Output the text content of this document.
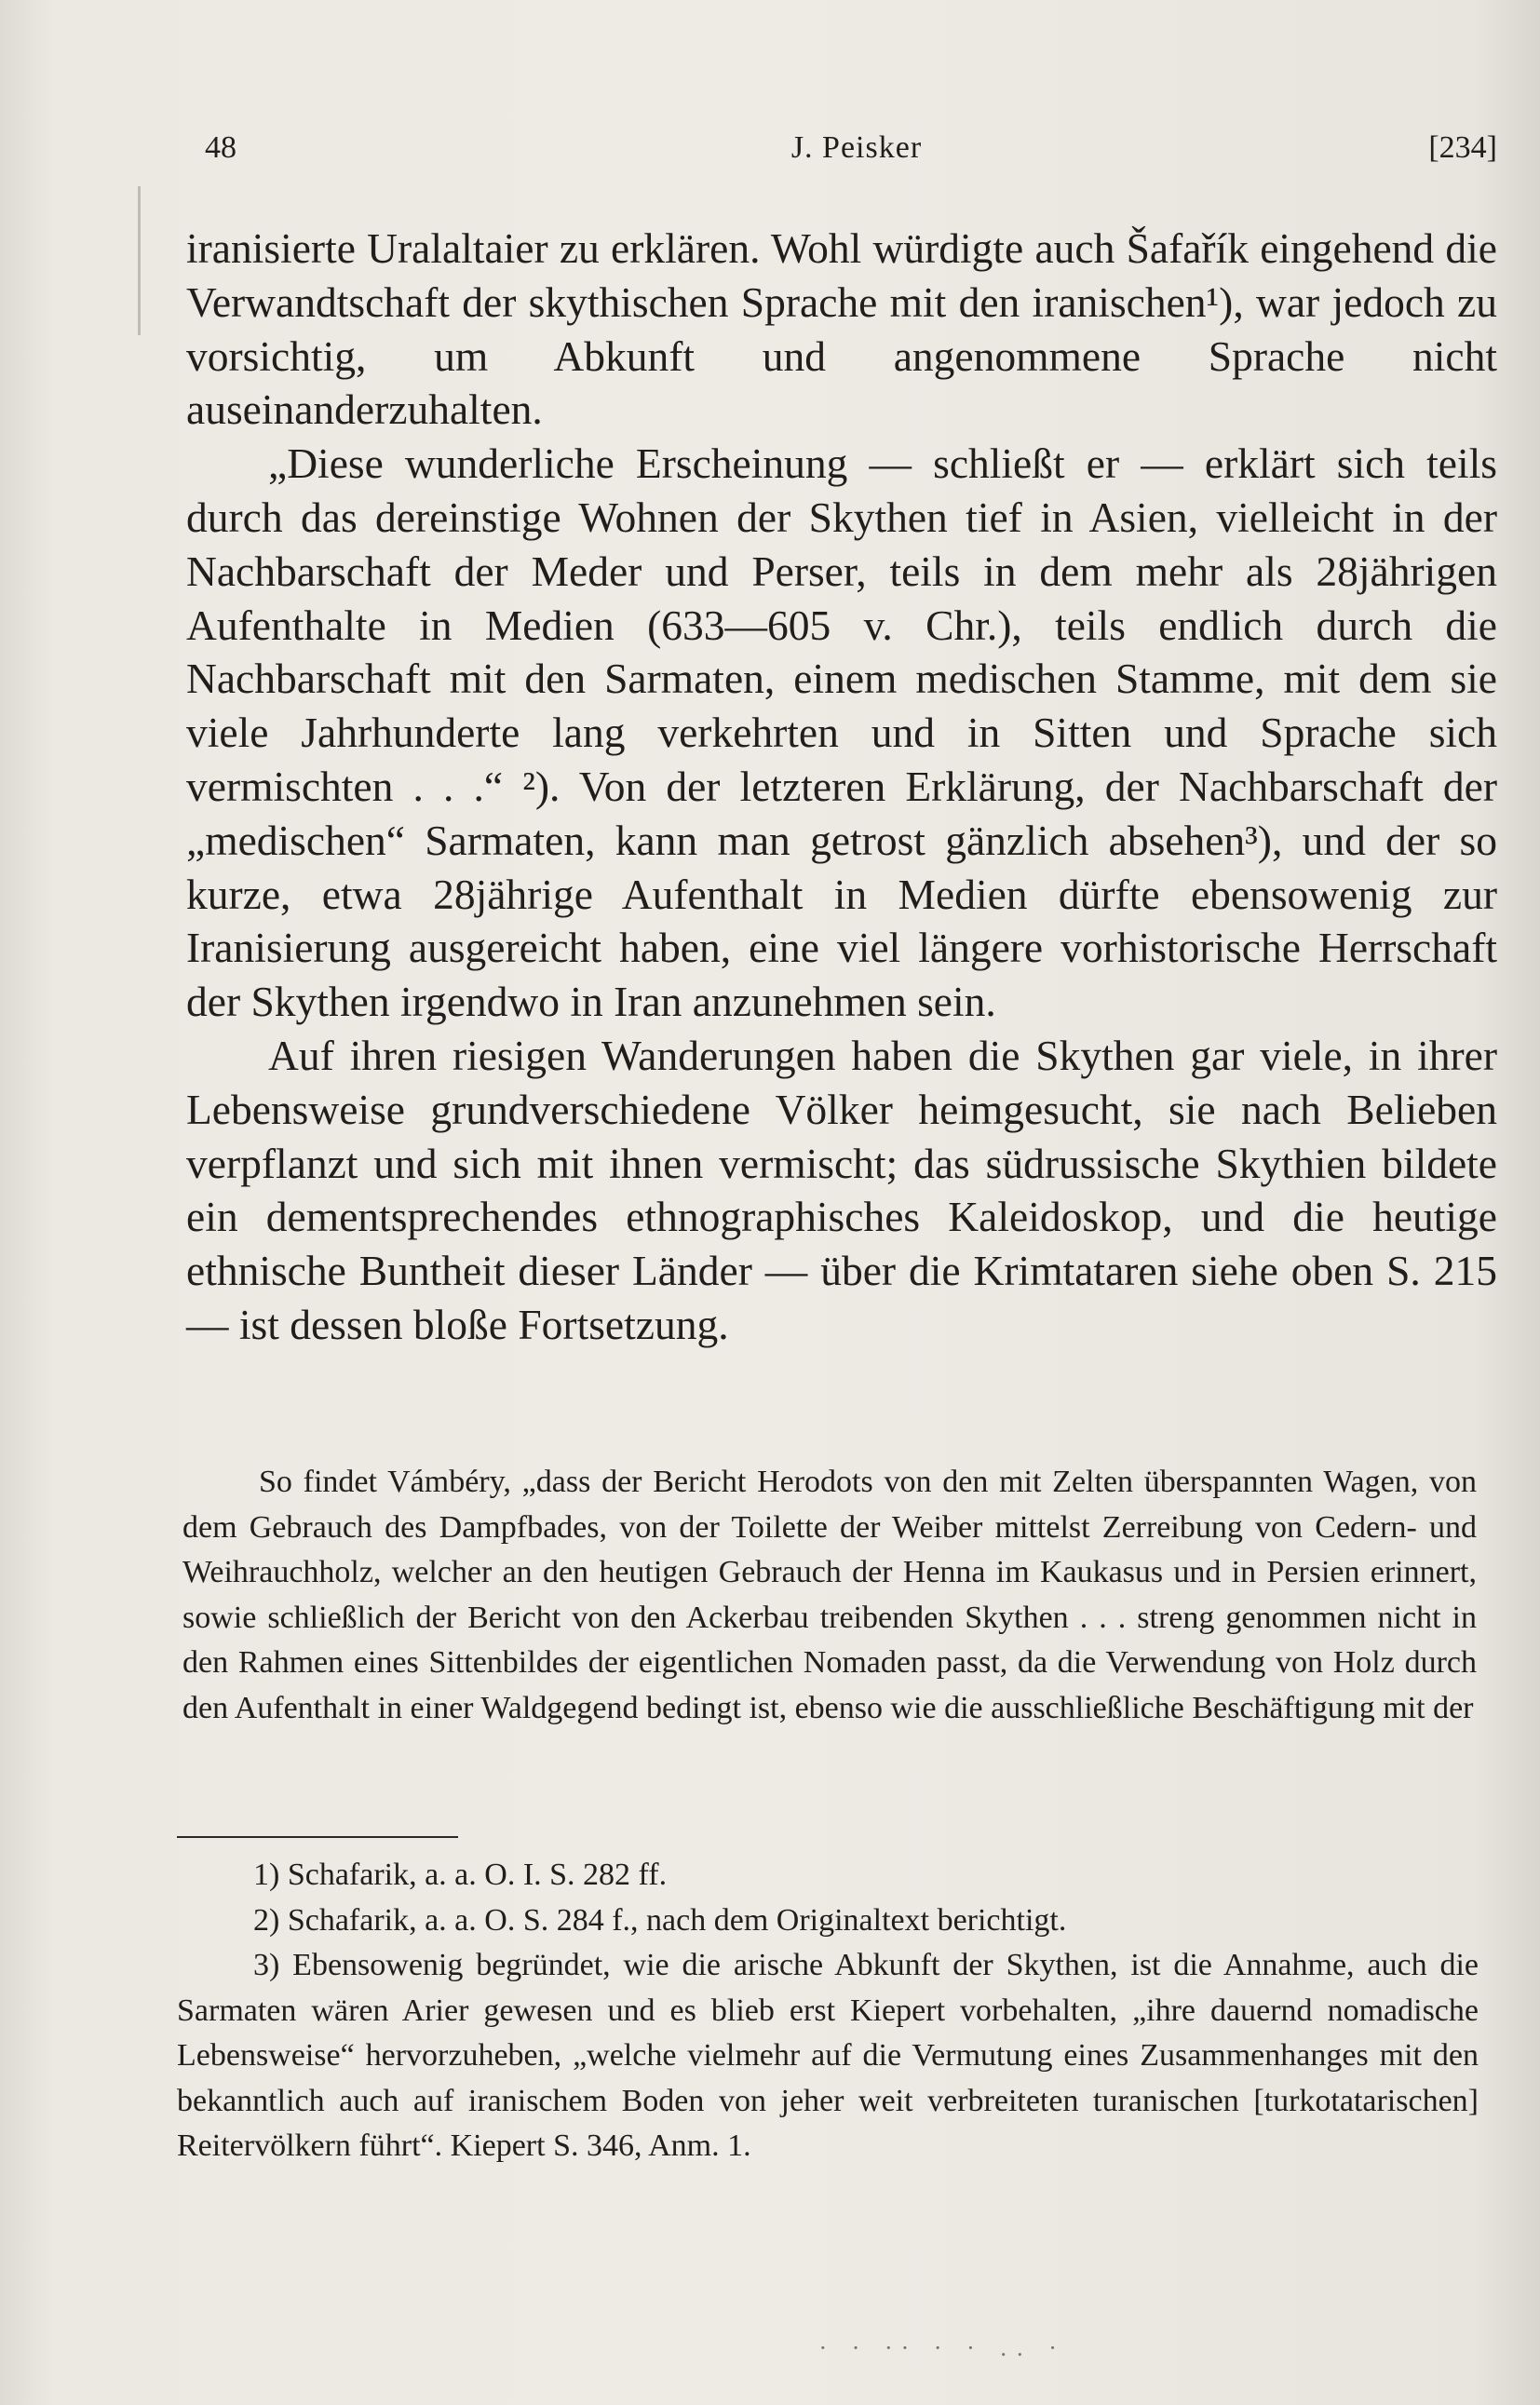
48	J. Peisker	[234]

iranisierte Uralaltaier zu erklären. Wohl würdigte auch Šafařík eingehend die Verwandtschaft der skythischen Sprache mit den iranischen¹), war jedoch zu vorsichtig, um Abkunft und angenommene Sprache nicht auseinanderzuhalten.

„Diese wunderliche Erscheinung — schließt er — erklärt sich teils durch das dereinstige Wohnen der Skythen tief in Asien, vielleicht in der Nachbarschaft der Meder und Perser, teils in dem mehr als 28jährigen Aufenthalte in Medien (633—605 v. Chr.), teils endlich durch die Nachbarschaft mit den Sarmaten, einem medischen Stamme, mit dem sie viele Jahrhunderte lang verkehrten und in Sitten und Sprache sich vermischten . . .“ ²). Von der letzteren Erklärung, der Nachbarschaft der „medischen“ Sarmaten, kann man getrost gänzlich absehen³), und der so kurze, etwa 28jährige Aufenthalt in Medien dürfte ebensowenig zur Iranisierung ausgereicht haben, eine viel längere vorhistorische Herrschaft der Skythen irgendwo in Iran anzunehmen sein.

Auf ihren riesigen Wanderungen haben die Skythen gar viele, in ihrer Lebensweise grundverschiedene Völker heimgesucht, sie nach Belieben verpflanzt und sich mit ihnen vermischt; das südrussische Skythien bildete ein dementsprechendes ethnographisches Kaleidoskop, und die heutige ethnische Buntheit dieser Länder — über die Krimtataren siehe oben S. 215 — ist dessen bloße Fortsetzung.

So findet Vámbéry, „dass der Bericht Herodots von den mit Zelten überspannten Wagen, von dem Gebrauch des Dampfbades, von der Toilette der Weiber mittelst Zerreibung von Cedern- und Weihrauchholz, welcher an den heutigen Gebrauch der Henna im Kaukasus und in Persien erinnert, sowie schließlich der Bericht von den Ackerbau treibenden Skythen . . . streng genommen nicht in den Rahmen eines Sittenbildes der eigentlichen Nomaden passt, da die Verwendung von Holz durch den Aufenthalt in einer Waldgegend bedingt ist, ebenso wie die ausschließliche Beschäftigung mit der

1) Schafarik, a. a. O. I. S. 282 ff.

2) Schafarik, a. a. O. S. 284 f., nach dem Originaltext berichtigt.

3) Ebensowenig begründet, wie die arische Abkunft der Skythen, ist die Annahme, auch die Sarmaten wären Arier gewesen und es blieb erst Kiepert vorbehalten, „ihre dauernd nomadische Lebensweise“ hervorzuheben, „welche vielmehr auf die Vermutung eines Zusammenhanges mit den bekanntlich auch auf iranischem Boden von jeher weit verbreiteten turanischen [turkotatarischen] Reitervölkern führt“. Kiepert S. 346, Anm. 1.

· · ·· · · .. ·
